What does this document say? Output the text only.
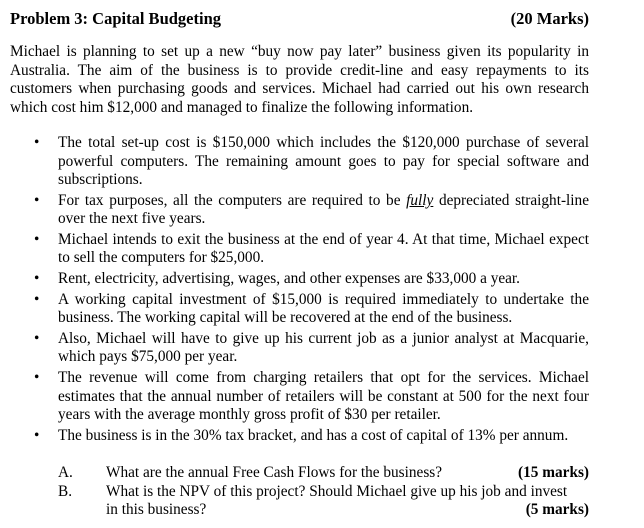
Problem 3: Capital Budgeting	(20 Marks)
Michael is planning to set up a new “buy now pay later” business given its popularity in Australia. The aim of the business is to provide credit-line and easy repayments to its customers when purchasing goods and services. Michael had carried out his own research which cost him $12,000 and managed to finalize the following information.
• The total set-up cost is $150,000 which includes the $120,000 purchase of several powerful computers. The remaining amount goes to pay for special software and subscriptions.
• For tax purposes, all the computers are required to be fully depreciated straight-line over the next five years.
• Michael intends to exit the business at the end of year 4. At that time, Michael expect to sell the computers for $25,000.
• Rent, electricity, advertising, wages, and other expenses are $33,000 a year.
• A working capital investment of $15,000 is required immediately to undertake the business. The working capital will be recovered at the end of the business.
• Also, Michael will have to give up his current job as a junior analyst at Macquarie, which pays $75,000 per year.
• The revenue will come from charging retailers that opt for the services. Michael estimates that the annual number of retailers will be constant at 500 for the next four years with the average monthly gross profit of $30 per retailer.
• The business is in the 30% tax bracket, and has a cost of capital of 13% per annum.
A.	What are the annual Free Cash Flows for the business?	(15 marks)
B.	What is the NPV of this project? Should Michael give up his job and invest
in this business?	(5 marks)
